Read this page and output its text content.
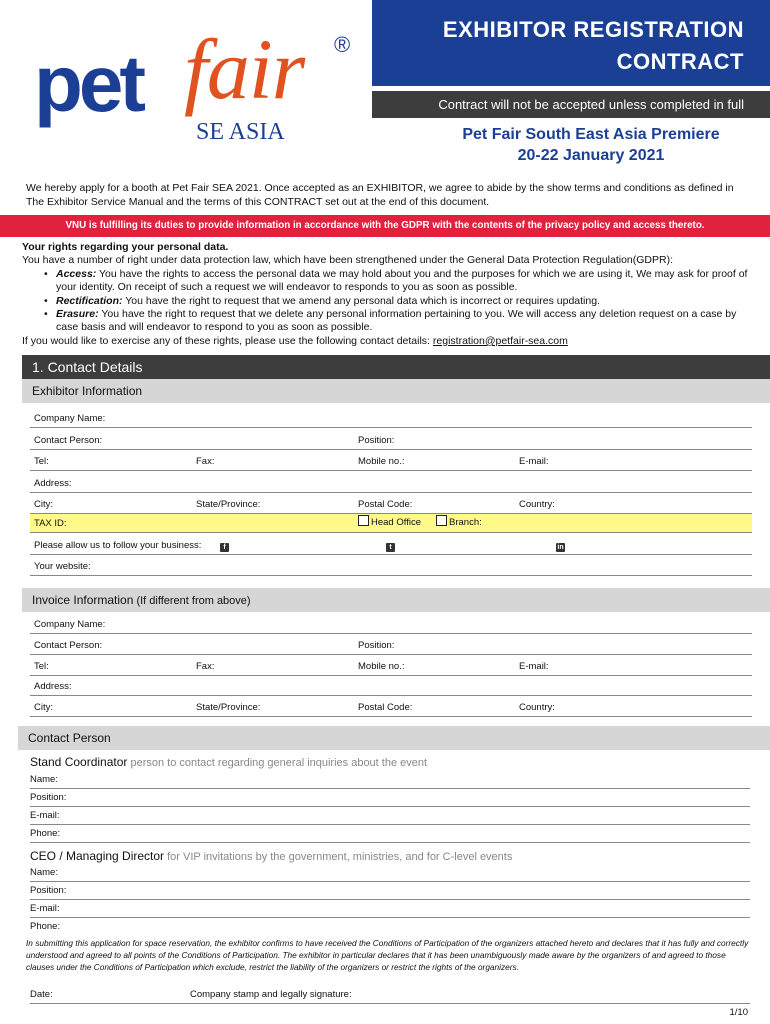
pet fair ®
SE ASIA
EXHIBITOR REGISTRATION
CONTRACT
Contract will not be accepted unless completed in full
Pet Fair South East Asia Premiere
20-22 January 2021
We hereby apply for a booth at Pet Fair SEA 2021. Once accepted as an EXHIBITOR, we agree to abide by the show terms and conditions as defined in The Exhibitor Service Manual and the terms of this CONTRACT set out at the end of this document.
VNU is fulfilling its duties to provide information in accordance with the GDPR with the contents of the privacy policy and access thereto.
Your rights regarding your personal data.
You have a number of right under data protection law, which have been strengthened under the General Data Protection Regulation(GDPR):
• Access: You have the rights to access the personal data we may hold about you and the purposes for which we are using it, We may ask for proof of your identity. On receipt of such a request we will endeavor to responds to you as soon as possible.
• Rectification: You have the right to request that we amend any personal data which is incorrect or requires updating.
• Erasure: You have the right to request that we delete any personal information pertaining to you. We will access any deletion request on a case by case basis and will endeavor to respond to you as soon as possible.
If you would like to exercise any of these rights, please use the following contact details: registration@petfair-sea.com
1. Contact Details
Exhibitor Information
Company Name:
Contact Person:	Position:
Tel:	Fax:	Mobile no.:	E-mail:
Address:
City:	State/Province:	Postal Code:	Country:
TAX ID:	Head Office	Branch:
Please allow us to follow your business:	f	t	in
Your website:
Invoice Information (If different from above)
Company Name:
Contact Person:	Position:
Tel:	Fax:	Mobile no.:	E-mail:
Address:
City:	State/Province:	Postal Code:	Country:
Contact Person
Stand Coordinator person to contact regarding general inquiries about the event
Name:
Position:
E-mail:
Phone:
CEO / Managing Director for VIP invitations by the government, ministries, and for C-level events
Name:
Position:
E-mail:
Phone:
In submitting this application for space reservation, the exhibitor confirms to have received the Conditions of Participation of the organizers attached hereto and declares that it has fully and correctly understood and agreed to all points of the Conditions of Participation. The exhibitor in particular declares that it has been unambiguously made aware by the organizers of and agreed to those clauses under the Conditions of Participation which exclude, restrict the liability of the organizers or restrict the rights of the organizers.
Date:	Company stamp and legally signature:
1/10
